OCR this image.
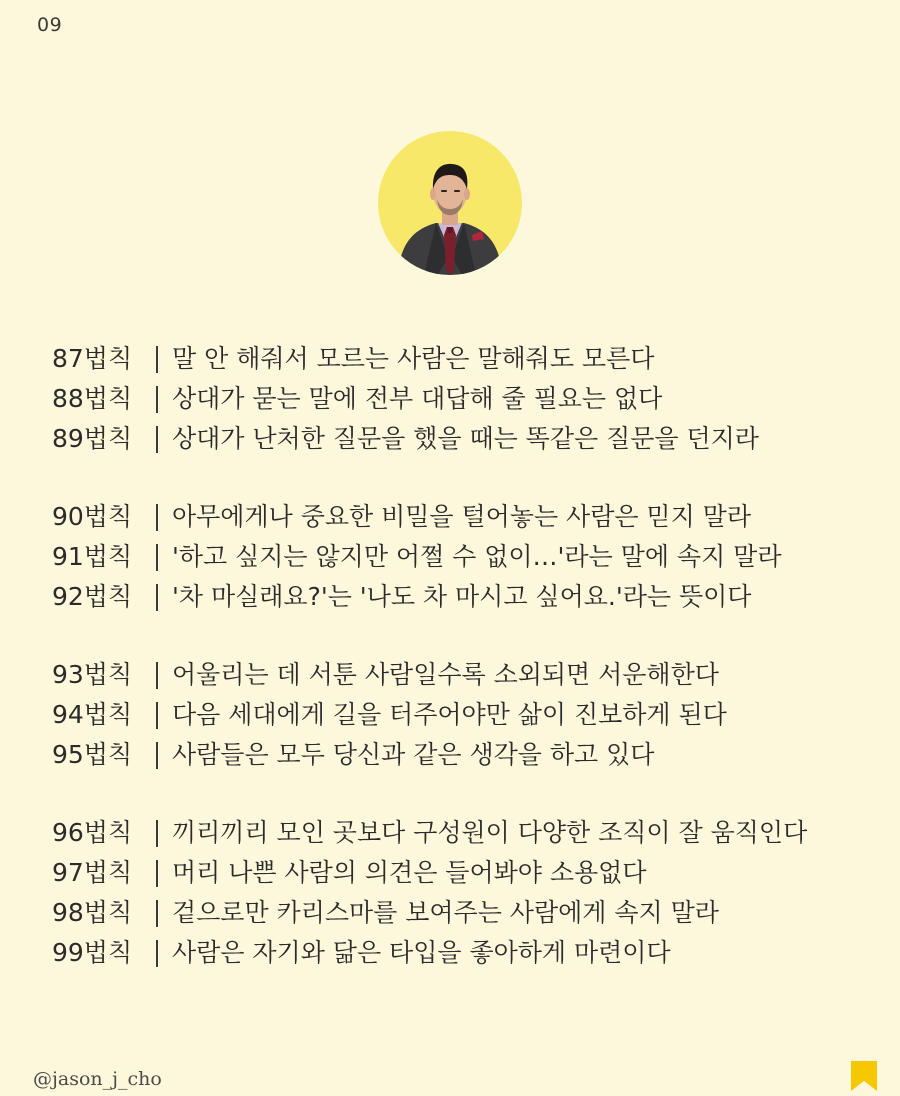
09
87법칙	말 안 해줘서 모르는 사람은 말해줘도 모른다
88법칙	상대가 묻는 말에 전부 대답해 줄 필요는 없다
89법칙	상대가 난처한 질문을 했을 때는 똑같은 질문을 던지라
90법칙	아무에게나 중요한 비밀을 털어놓는 사람은 믿지 말라
91법칙	'하고 싶지는 않지만 어쩔 수 없이…'라는 말에 속지 말라
92법칙	'차 마실래요?'는 '나도 차 마시고 싶어요.'라는 뜻이다
93법칙	어울리는 데 서툰 사람일수록 소외되면 서운해한다
94법칙	다음 세대에게 길을 터주어야만 삶이 진보하게 된다
95법칙	사람들은 모두 당신과 같은 생각을 하고 있다
96법칙	끼리끼리 모인 곳보다 구성원이 다양한 조직이 잘 움직인다
97법칙	머리 나쁜 사람의 의견은 들어봐야 소용없다
98법칙	겉으로만 카리스마를 보여주는 사람에게 속지 말라
99법칙	사람은 자기와 닮은 타입을 좋아하게 마련이다
@jason_j_cho
